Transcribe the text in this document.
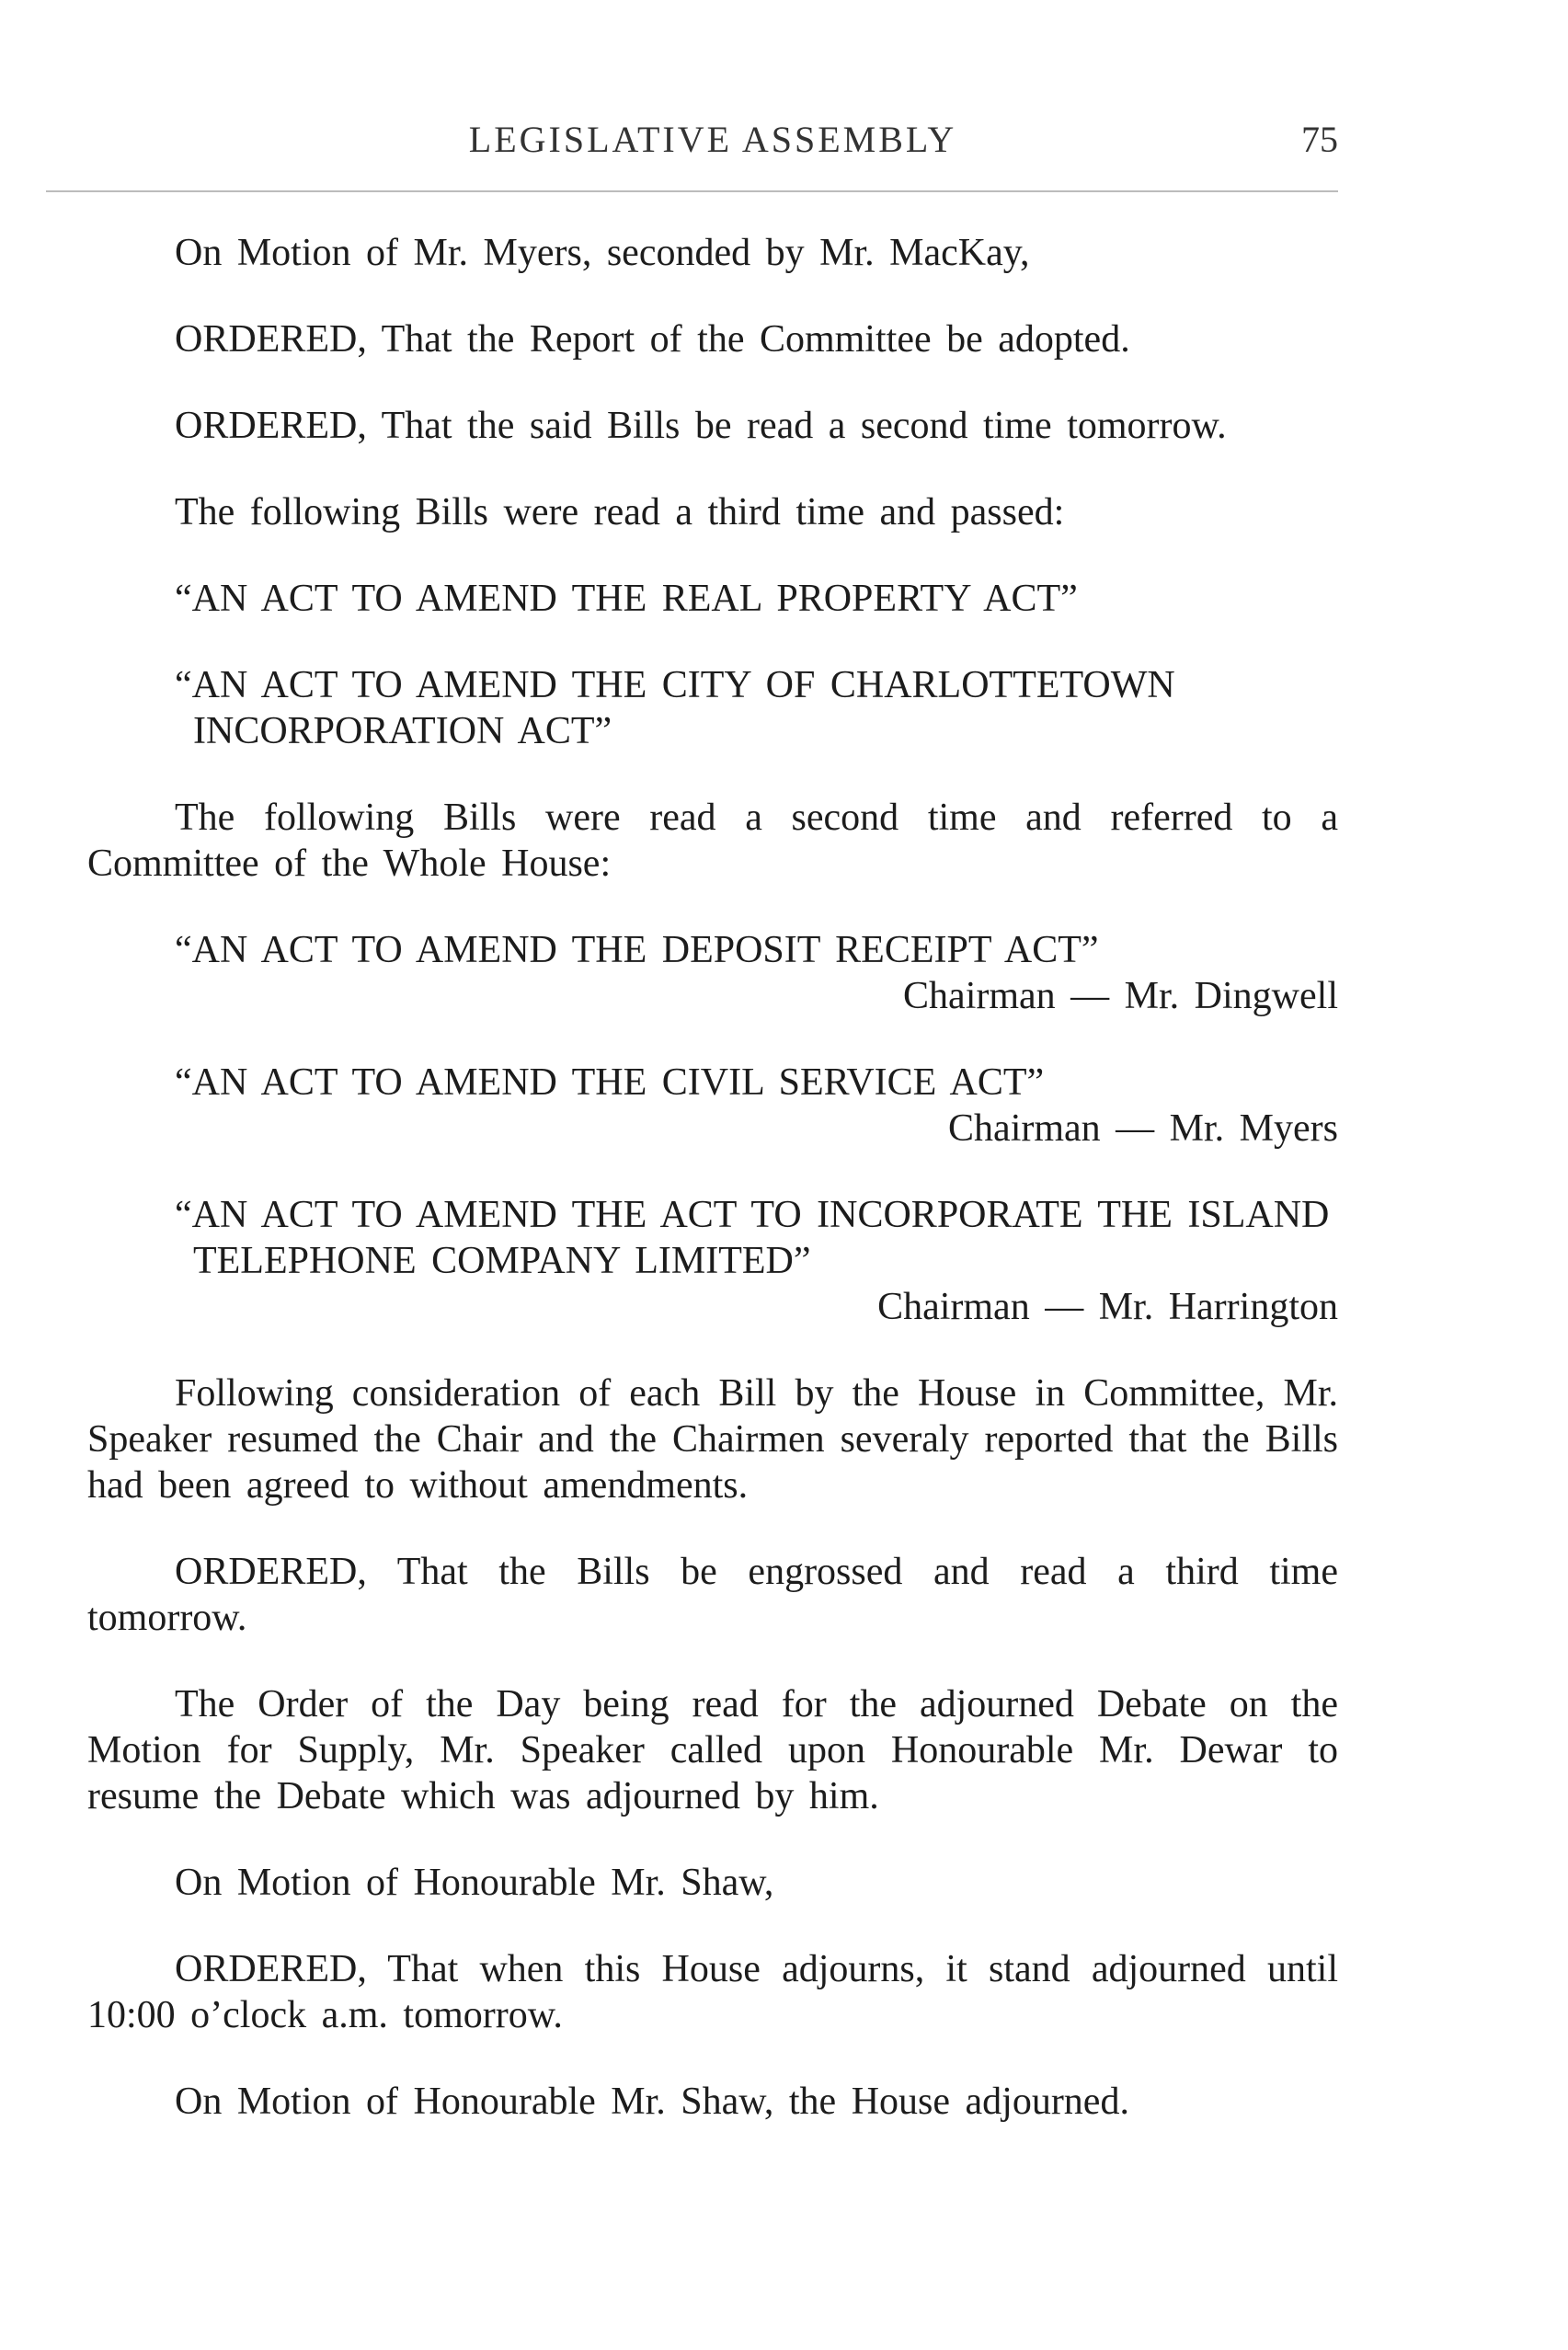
LEGISLATIVE ASSEMBLY	75

On Motion of Mr. Myers, seconded by Mr. MacKay,

ORDERED, That the Report of the Committee be adopted.

ORDERED, That the said Bills be read a second time tomorrow.

The following Bills were read a third time and passed:

“AN ACT TO AMEND THE REAL PROPERTY ACT”

“AN ACT TO AMEND THE CITY OF CHARLOTTETOWN INCORPORATION ACT”

The following Bills were read a second time and referred to a Committee of the Whole House:

“AN ACT TO AMEND THE DEPOSIT RECEIPT ACT”

Chairman — Mr. Dingwell

“AN ACT TO AMEND THE CIVIL SERVICE ACT”

Chairman — Mr. Myers

“AN ACT TO AMEND THE ACT TO INCORPORATE THE ISLAND TELEPHONE COMPANY LIMITED”

Chairman — Mr. Harrington

Following consideration of each Bill by the House in Committee, Mr. Speaker resumed the Chair and the Chairmen severaly reported that the Bills had been agreed to without amendments.

ORDERED, That the Bills be engrossed and read a third time tomorrow.

The Order of the Day being read for the adjourned Debate on the Motion for Supply, Mr. Speaker called upon Honourable Mr. Dewar to resume the Debate which was adjourned by him.

On Motion of Honourable Mr. Shaw,

ORDERED, That when this House adjourns, it stand adjourned until 10:00 o’clock a.m. tomorrow.

On Motion of Honourable Mr. Shaw, the House adjourned.
